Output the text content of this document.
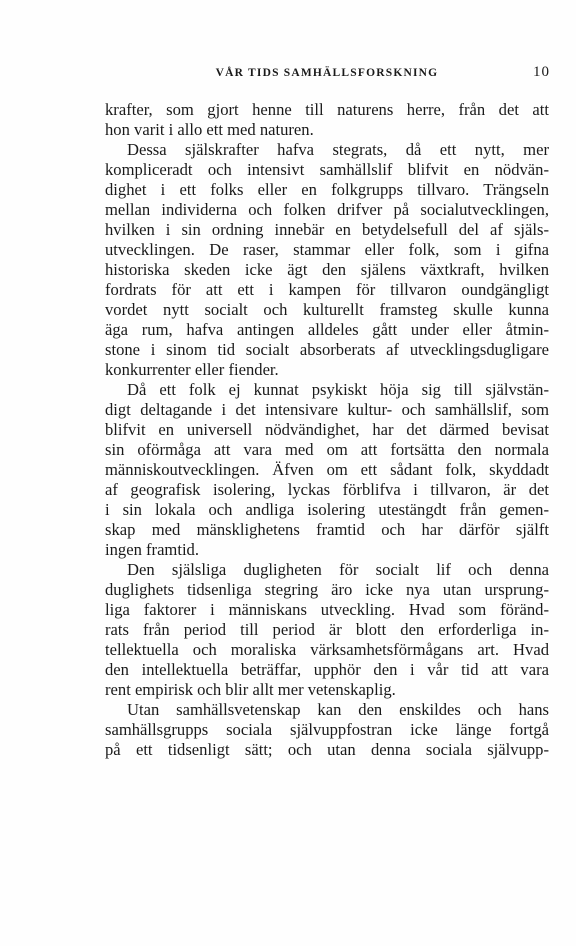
VÅR TIDS SAMHÄLLSFORSKNING	10
krafter, som gjort henne till naturens herre, från det att
hon varit i allo ett med naturen.
Dessa själskrafter hafva stegrats, då ett nytt, mer
kompliceradt och intensivt samhällslif blifvit en nödvän-
dighet i ett folks eller en folkgrupps tillvaro. Trängseln
mellan individerna och folken drifver på socialutvecklingen,
hvilken i sin ordning innebär en betydelsefull del af själs-
utvecklingen. De raser, stammar eller folk, som i gifna
historiska skeden icke ägt den själens växtkraft, hvilken
fordrats för att ett i kampen för tillvaron oundgängligt
vordet nytt socialt och kulturellt framsteg skulle kunna
äga rum, hafva antingen alldeles gått under eller åtmin-
stone i sinom tid socialt absorberats af utvecklingsdugligare
konkurrenter eller fiender.
Då ett folk ej kunnat psykiskt höja sig till självstän-
digt deltagande i det intensivare kultur- och samhällslif, som
blifvit en universell nödvändighet, har det därmed bevisat
sin oförmåga att vara med om att fortsätta den normala
människoutvecklingen. Äfven om ett sådant folk, skyddadt
af geografisk isolering, lyckas förblifva i tillvaron, är det
i sin lokala och andliga isolering utestängdt från gemen-
skap med mänsklighetens framtid och har därför själft
ingen framtid.
Den själsliga dugligheten för socialt lif och denna
duglighets tidsenliga stegring äro icke nya utan ursprung-
liga faktorer i människans utveckling. Hvad som föränd-
rats från period till period är blott den erforderliga in-
tellektuella och moraliska värksamhetsförmågans art. Hvad
den intellektuella beträffar, upphör den i vår tid att vara
rent empirisk och blir allt mer vetenskaplig.
Utan samhällsvetenskap kan den enskildes och hans
samhällsgrupps sociala självuppfostran icke länge fortgå
på ett tidsenligt sätt; och utan denna sociala självupp-
